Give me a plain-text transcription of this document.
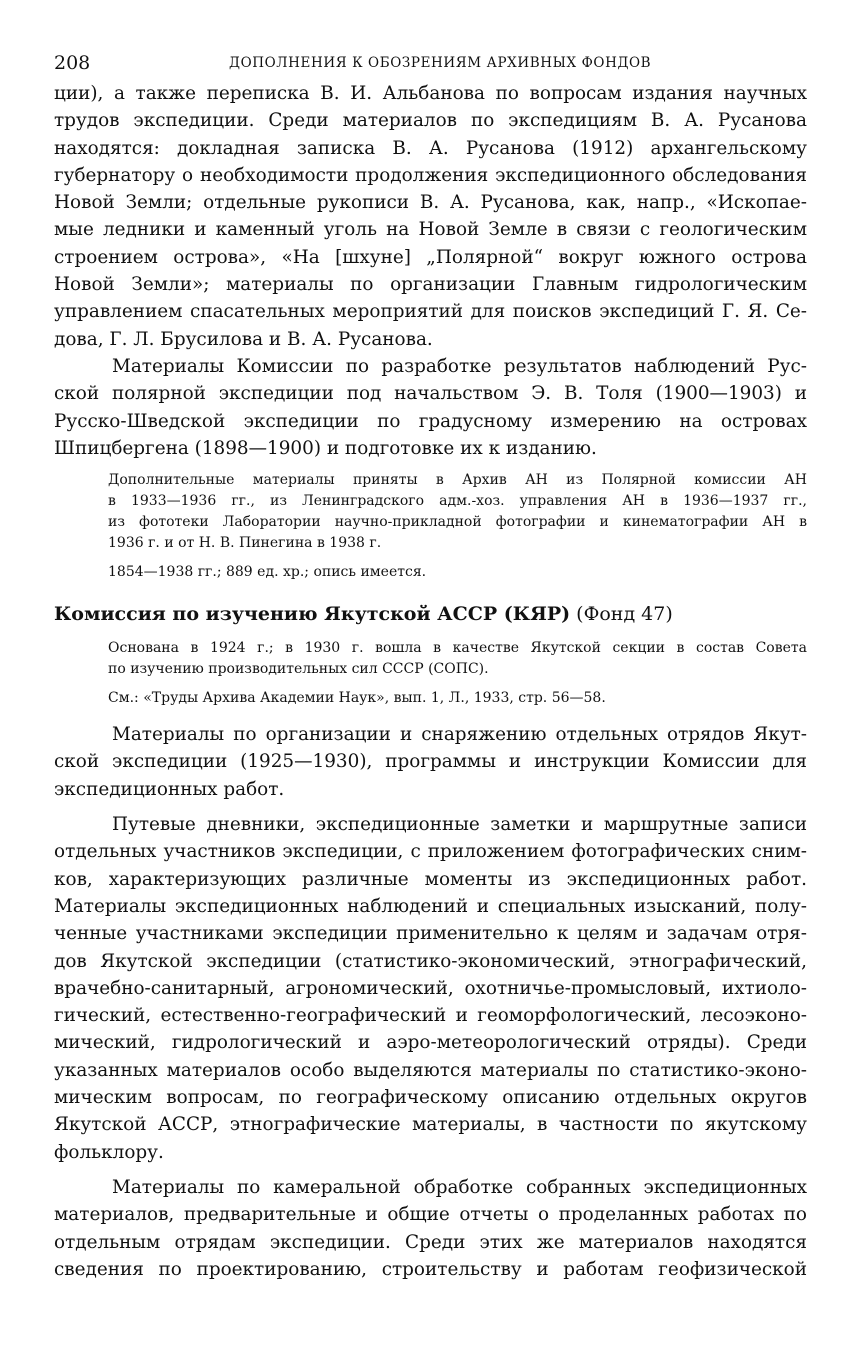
208	ДОПОЛНЕНИЯ К ОБОЗРЕНИЯМ АРХИВНЫХ ФОНДОВ
ции), а также переписка В. И. Альбанова по вопросам издания научных
трудов экспедиции. Среди материалов по экспедициям В. А. Русанова
находятся: докладная записка В. А. Русанова (1912) архангельскому
губернатору о необходимости продолжения экспедиционного обследования
Новой Земли; отдельные рукописи В. А. Русанова, как, напр., «Ископае-
мые ледники и каменный уголь на Новой Земле в связи с геологическим
строением острова», «На [шхуне] „Полярной“ вокруг южного острова
Новой Земли»; материалы по организации Главным гидрологическим
управлением спасательных мероприятий для поисков экспедиций Г. Я. Се-
дова, Г. Л. Брусилова и В. А. Русанова.
Материалы Комиссии по разработке результатов наблюдений Рус-
ской полярной экспедиции под начальством Э. В. Толя (1900—1903) и
Русско-Шведской экспедиции по градусному измерению на островах
Шпицбергена (1898—1900) и подготовке их к изданию.
Дополнительные материалы приняты в Архив АН из Полярной комиссии АН
в 1933—1936 гг., из Ленинградского адм.-хоз. управления АН в 1936—1937 гг.,
из фототеки Лаборатории научно-прикладной фотографии и кинематографии АН в
1936 г. и от Н. В. Пинегина в 1938 г.
1854—1938 гг.; 889 ед. хр.; опись имеется.
Комиссия по изучению Якутской АССР (КЯР) (Фонд 47)
Основана в 1924 г.; в 1930 г. вошла в качестве Якутской секции в состав Совета
по изучению производительных сил СССР (СОПС).
См.: «Труды Архива Академии Наук», вып. 1, Л., 1933, стр. 56—58.
Материалы по организации и снаряжению отдельных отрядов Якут-
ской экспедиции (1925—1930), программы и инструкции Комиссии для
экспедиционных работ.
Путевые дневники, экспедиционные заметки и маршрутные записи
отдельных участников экспедиции, с приложением фотографических сним-
ков, характеризующих различные моменты из экспедиционных работ.
Материалы экспедиционных наблюдений и специальных изысканий, полу-
ченные участниками экспедиции применительно к целям и задачам отря-
дов Якутской экспедиции (статистико-экономический, этнографический,
врачебно-санитарный, агрономический, охотничье-промысловый, ихтиоло-
гический, естественно-географический и геоморфологический, лесоэконо-
мический, гидрологический и аэро-метеорологический отряды). Среди
указанных материалов особо выделяются материалы по статистико-эконо-
мическим вопросам, по географическому описанию отдельных округов
Якутской АССР, этнографические материалы, в частности по якутскому
фольклору.
Материалы по камеральной обработке собранных экспедиционных
материалов, предварительные и общие отчеты о проделанных работах по
отдельным отрядам экспедиции. Среди этих же материалов находятся
сведения по проектированию, строительству и работам геофизической
